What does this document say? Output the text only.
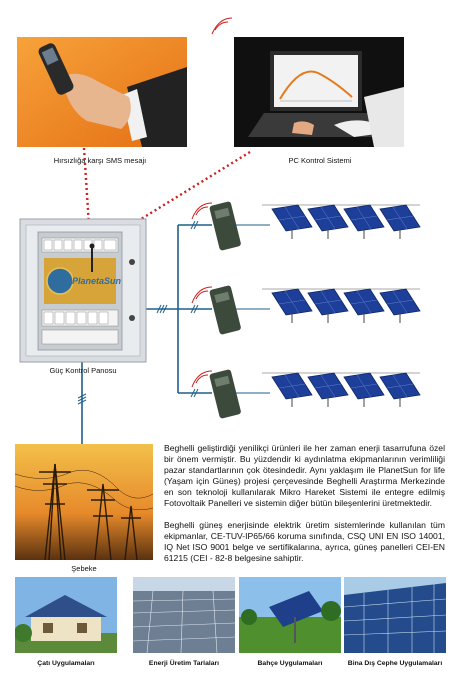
Hırsızlığa karşı SMS mesajı	PC Kontrol Sistemi
PlanetaSun
Güç Kontrol Panosu
Şebeke

Beghelli geliştirdiği yenilikçi ürünleri ile her zaman enerji tasarrufuna özel bir önem vermiştir. Bu yüzdendir ki aydınlatma ekipmanlarının verimliliği pazar standartlarının çok ötesindedir. Aynı yaklaşım ile PlanetSun for life (Yaşam için Güneş) projesi çerçevesinde Beghelli Araştırma Merkezinde en son teknoloji kullanılarak Mikro Hareket Sistemi ile entegre edilmiş Fotovoltaik Panelleri ve sistemin diğer bütün bileşenlerini üretmektedir.

Beghelli güneş enerjisinde elektrik üretim sistemlerinde kullanılan tüm ekipmanlar, CE-TUV-IP65/66 koruma sınıfında, CSQ UNI EN ISO 14001, IQ Net ISO 9001 belge ve sertifikalarına, ayrıca, güneş panelleri CEI-EN 61215 (CEI - 82-8 belgesine sahiptir.

Çatı Uygulamaları	Enerji Üretim Tarlaları	Bahçe Uygulamaları	Bina Dış Cephe Uygulamaları
